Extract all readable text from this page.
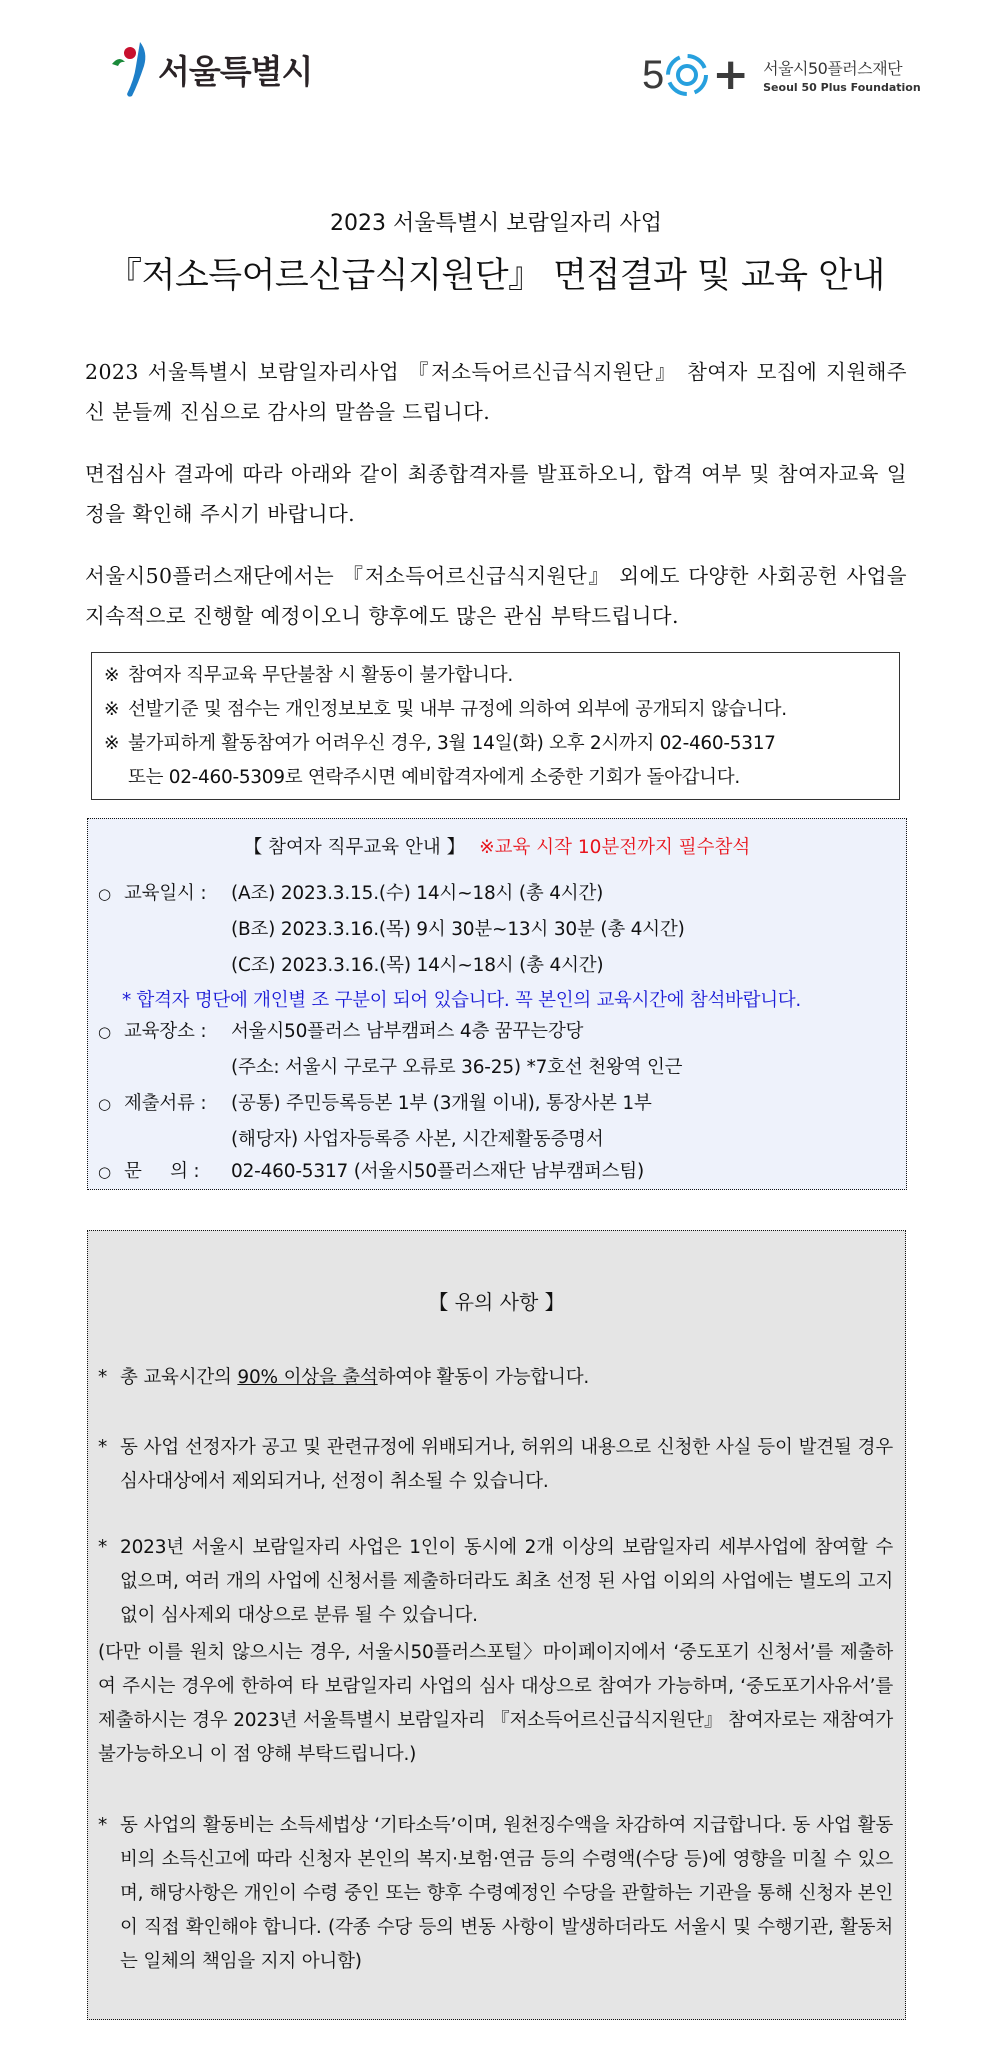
서울특별시	5 + 서울시50플러스재단
Seoul 50 Plus Foundation
2023 서울특별시 보람일자리 사업
『저소득어르신급식지원단』 면접결과 및 교육 안내
2023 서울특별시 보람일자리사업 『저소득어르신급식지원단』 참여자 모집에 지원해주신 분들께 진심으로 감사의 말씀을 드립니다.
면접심사 결과에 따라 아래와 같이 최종합격자를 발표하오니, 합격 여부 및 참여자교육 일정을 확인해 주시기 바랍니다.
서울시50플러스재단에서는 『저소득어르신급식지원단』 외에도 다양한 사회공헌 사업을 지속적으로 진행할 예정이오니 향후에도 많은 관심 부탁드립니다.
※ 참여자 직무교육 무단불참 시 활동이 불가합니다.
※ 선발기준 및 점수는 개인정보보호 및 내부 규정에 의하여 외부에 공개되지 않습니다.
※ 불가피하게 활동참여가 어려우신 경우, 3월 14일(화) 오후 2시까지 02-460-5317
또는 02-460-5309로 연락주시면 예비합격자에게 소중한 기회가 돌아갑니다.
【 참여자 직무교육 안내 】 ※교육 시작 10분전까지 필수참석
○ 교육일시 : (A조) 2023.3.15.(수) 14시~18시 (총 4시간)
(B조) 2023.3.16.(목) 9시 30분~13시 30분 (총 4시간)
(C조) 2023.3.16.(목) 14시~18시 (총 4시간)
* 합격자 명단에 개인별 조 구분이 되어 있습니다. 꼭 본인의 교육시간에 참석바랍니다.
○ 교육장소 : 서울시50플러스 남부캠퍼스 4층 꿈꾸는강당
(주소: 서울시 구로구 오류로 36-25) *7호선 천왕역 인근
○ 제출서류 : (공통) 주민등록등본 1부 (3개월 이내), 통장사본 1부
(해당자) 사업자등록증 사본, 시간제활동증명서
○ 문     의 : 02-460-5317 (서울시50플러스재단 남부캠퍼스팀)
【 유의 사항 】
* 총 교육시간의 90% 이상을 출석하여야 활동이 가능합니다.
* 동 사업 선정자가 공고 및 관련규정에 위배되거나, 허위의 내용으로 신청한 사실 등이 발견될 경우 심사대상에서 제외되거나, 선정이 취소될 수 있습니다.
* 2023년 서울시 보람일자리 사업은 1인이 동시에 2개 이상의 보람일자리 세부사업에 참여할 수 없으며, 여러 개의 사업에 신청서를 제출하더라도 최초 선정 된 사업 이외의 사업에는 별도의 고지 없이 심사제외 대상으로 분류 될 수 있습니다.
(다만 이를 원치 않으시는 경우, 서울시50플러스포털〉마이페이지에서 ‘중도포기 신청서’를 제출하여 주시는 경우에 한하여 타 보람일자리 사업의 심사 대상으로 참여가 가능하며, ‘중도포기사유서’를 제출하시는 경우 2023년 서울특별시 보람일자리 『저소득어르신급식지원단』 참여자로는 재참여가 불가능하오니 이 점 양해 부탁드립니다.)
* 동 사업의 활동비는 소득세법상 ‘기타소득’이며, 원천징수액을 차감하여 지급합니다. 동 사업 활동비의 소득신고에 따라 신청자 본인의 복지·보험·연금 등의 수령액(수당 등)에 영향을 미칠 수 있으며, 해당사항은 개인이 수령 중인 또는 향후 수령예정인 수당을 관할하는 기관을 통해 신청자 본인이 직접 확인해야 합니다. (각종 수당 등의 변동 사항이 발생하더라도 서울시 및 수행기관, 활동처는 일체의 책임을 지지 아니함)
